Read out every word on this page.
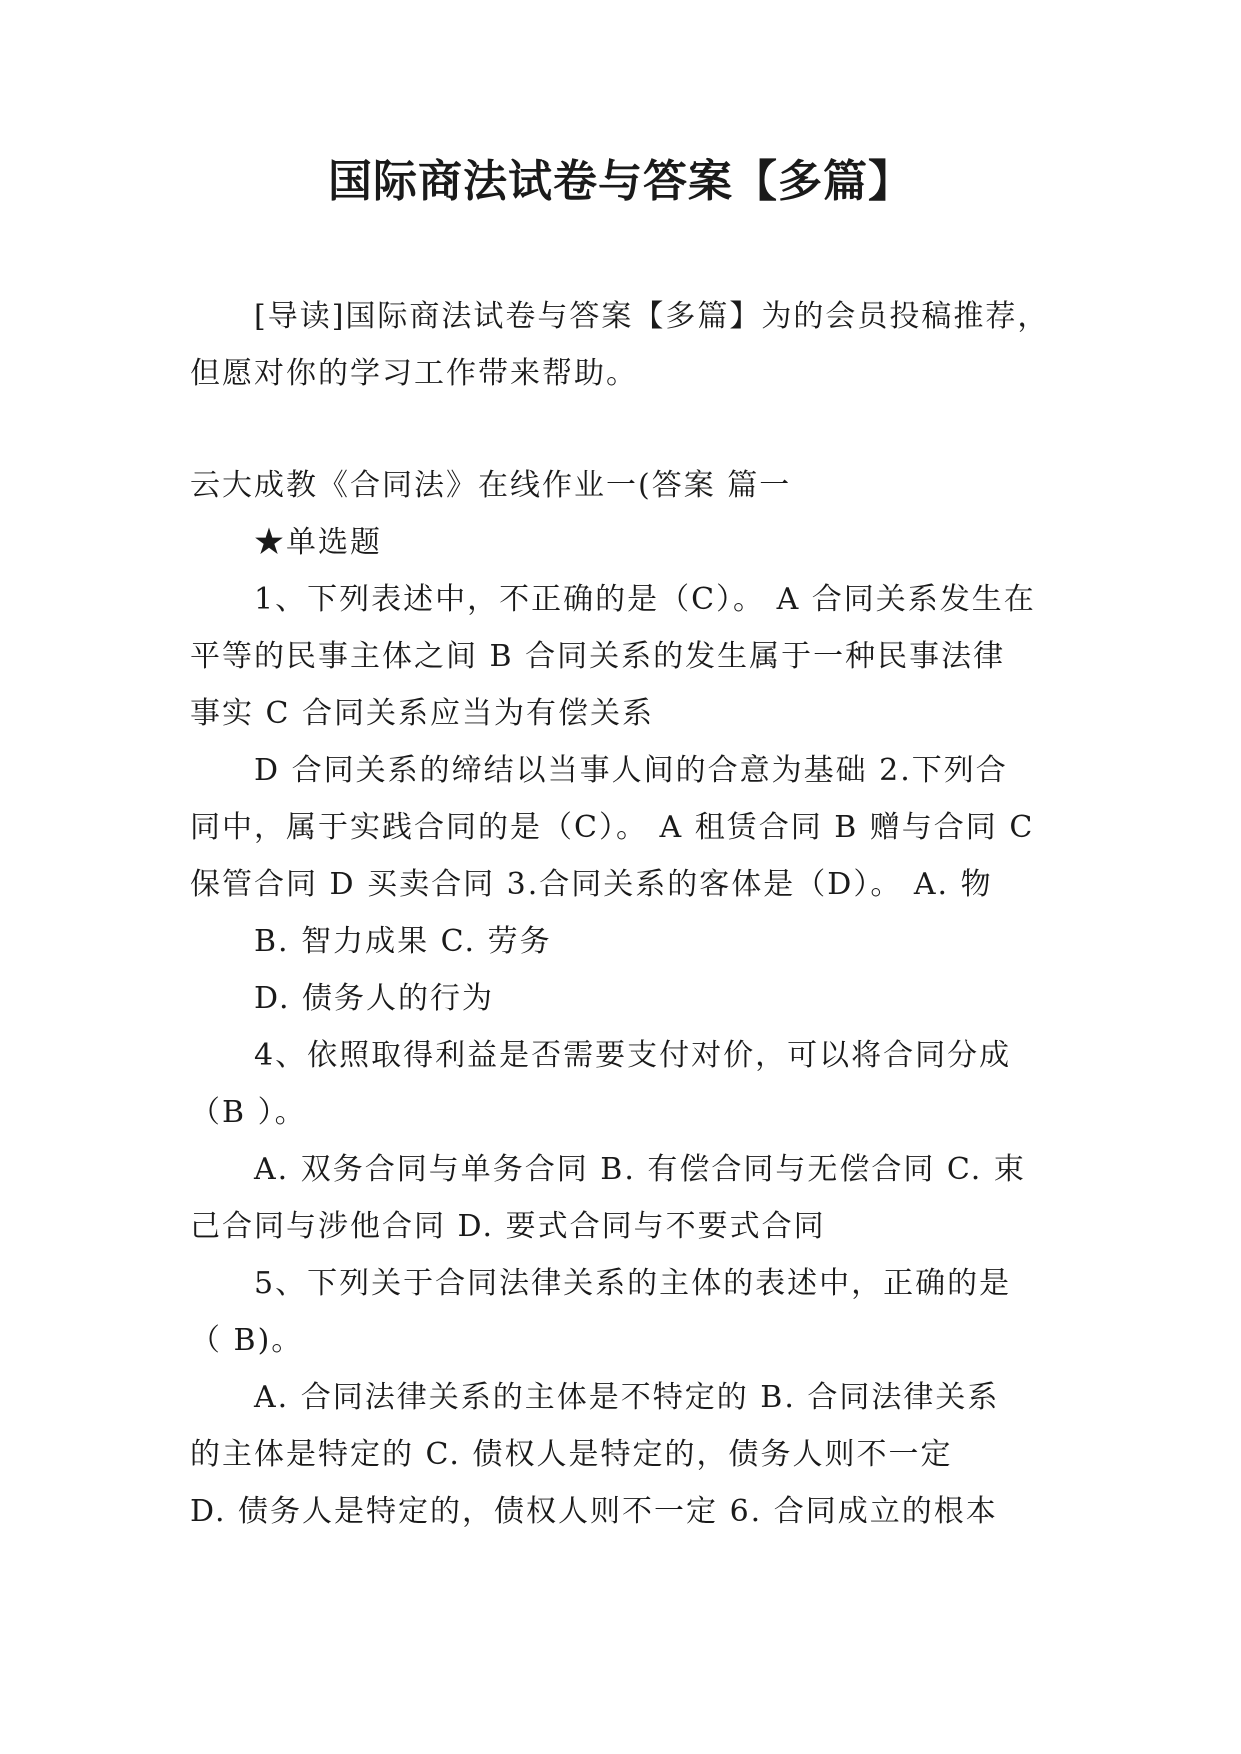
国际商法试卷与答案【多篇】

[导读]国际商法试卷与答案【多篇】为的会员投稿推荐，

但愿对你的学习工作带来帮助。

云大成教《合同法》在线作业一(答案 篇一

★单选题

1、下列表述中，不正确的是（C）。 A 合同关系发生在

平等的民事主体之间 B 合同关系的发生属于一种民事法律

事实 C 合同关系应当为有偿关系

D 合同关系的缔结以当事人间的合意为基础 2.下列合

同中，属于实践合同的是（C）。 A 租赁合同 B 赠与合同 C

保管合同 D 买卖合同 3.合同关系的客体是（D）。 A. 物

B. 智力成果 C. 劳务

D. 债务人的行为

4、依照取得利益是否需要支付对价，可以将合同分成

（B ）。

A. 双务合同与单务合同 B. 有偿合同与无偿合同 C. 束

己合同与涉他合同 D. 要式合同与不要式合同

5、下列关于合同法律关系的主体的表述中，正确的是

（ B)。

A. 合同法律关系的主体是不特定的 B. 合同法律关系

的主体是特定的 C. 债权人是特定的，债务人则不一定

D. 债务人是特定的，债权人则不一定 6. 合同成立的根本
